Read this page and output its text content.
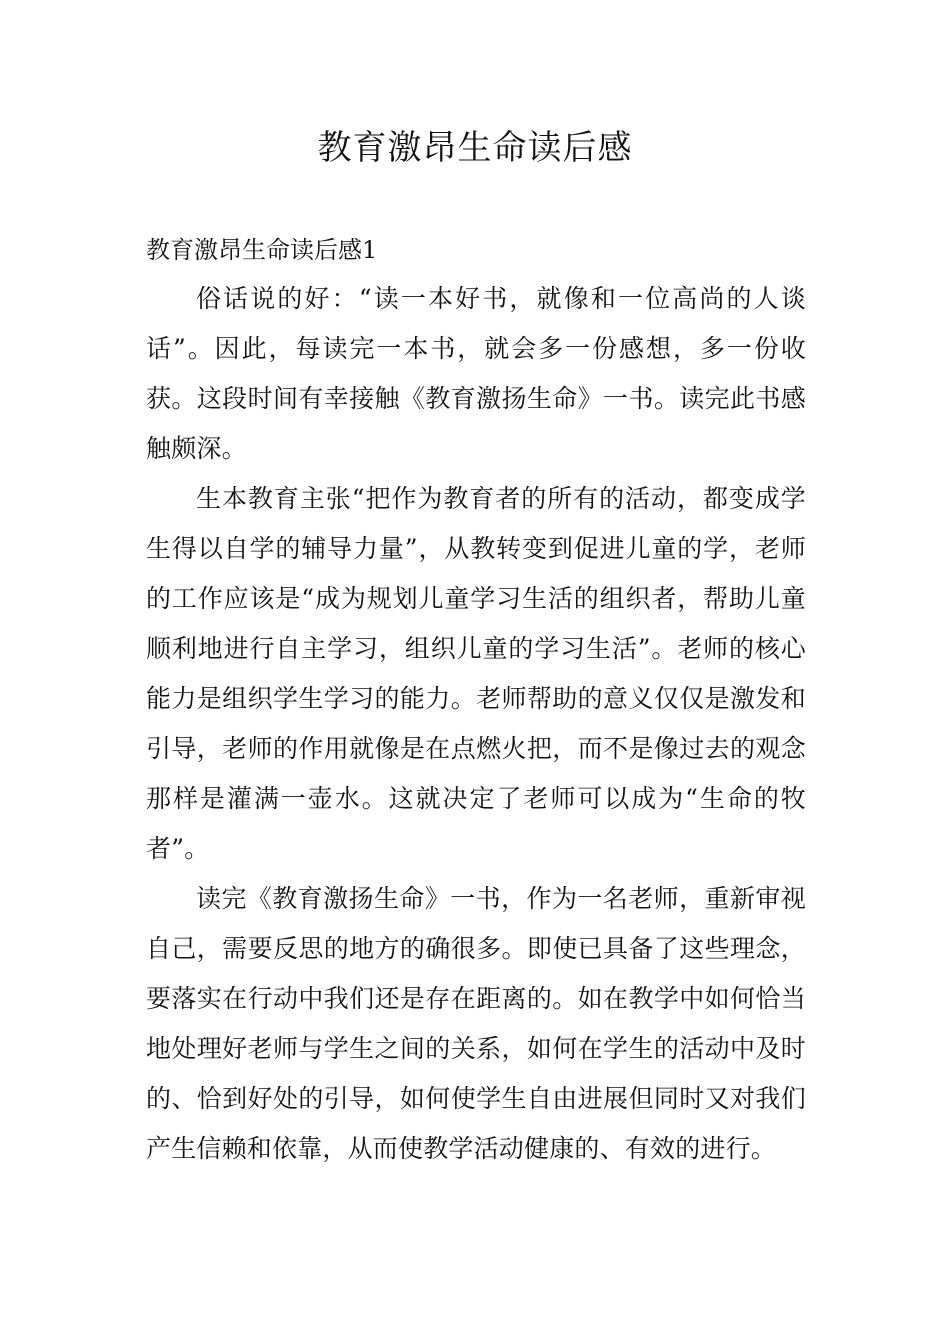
教育激昂生命读后感
教育激昂生命读后感1

俗话说的好：“读一本好书，就像和一位高尚的人谈话”。因此，每读完一本书，就会多一份感想，多一份收获。这段时间有幸接触《教育激扬生命》一书。读完此书感触颇深。

生本教育主张“把作为教育者的所有的活动，都变成学生得以自学的辅导力量”，从教转变到促进儿童的学，老师的工作应该是“成为规划儿童学习生活的组织者，帮助儿童顺利地进行自主学习，组织儿童的学习生活”。老师的核心能力是组织学生学习的能力。老师帮助的意义仅仅是激发和引导，老师的作用就像是在点燃火把，而不是像过去的观念那样是灌满一壶水。这就决定了老师可以成为“生命的牧者”。

读完《教育激扬生命》一书，作为一名老师，重新审视自己，需要反思的地方的确很多。即使已具备了这些理念，要落实在行动中我们还是存在距离的。如在教学中如何恰当地处理好老师与学生之间的关系，如何在学生的活动中及时的、恰到好处的引导，如何使学生自由进展但同时又对我们产生信赖和依靠，从而使教学活动健康的、有效的进行。
